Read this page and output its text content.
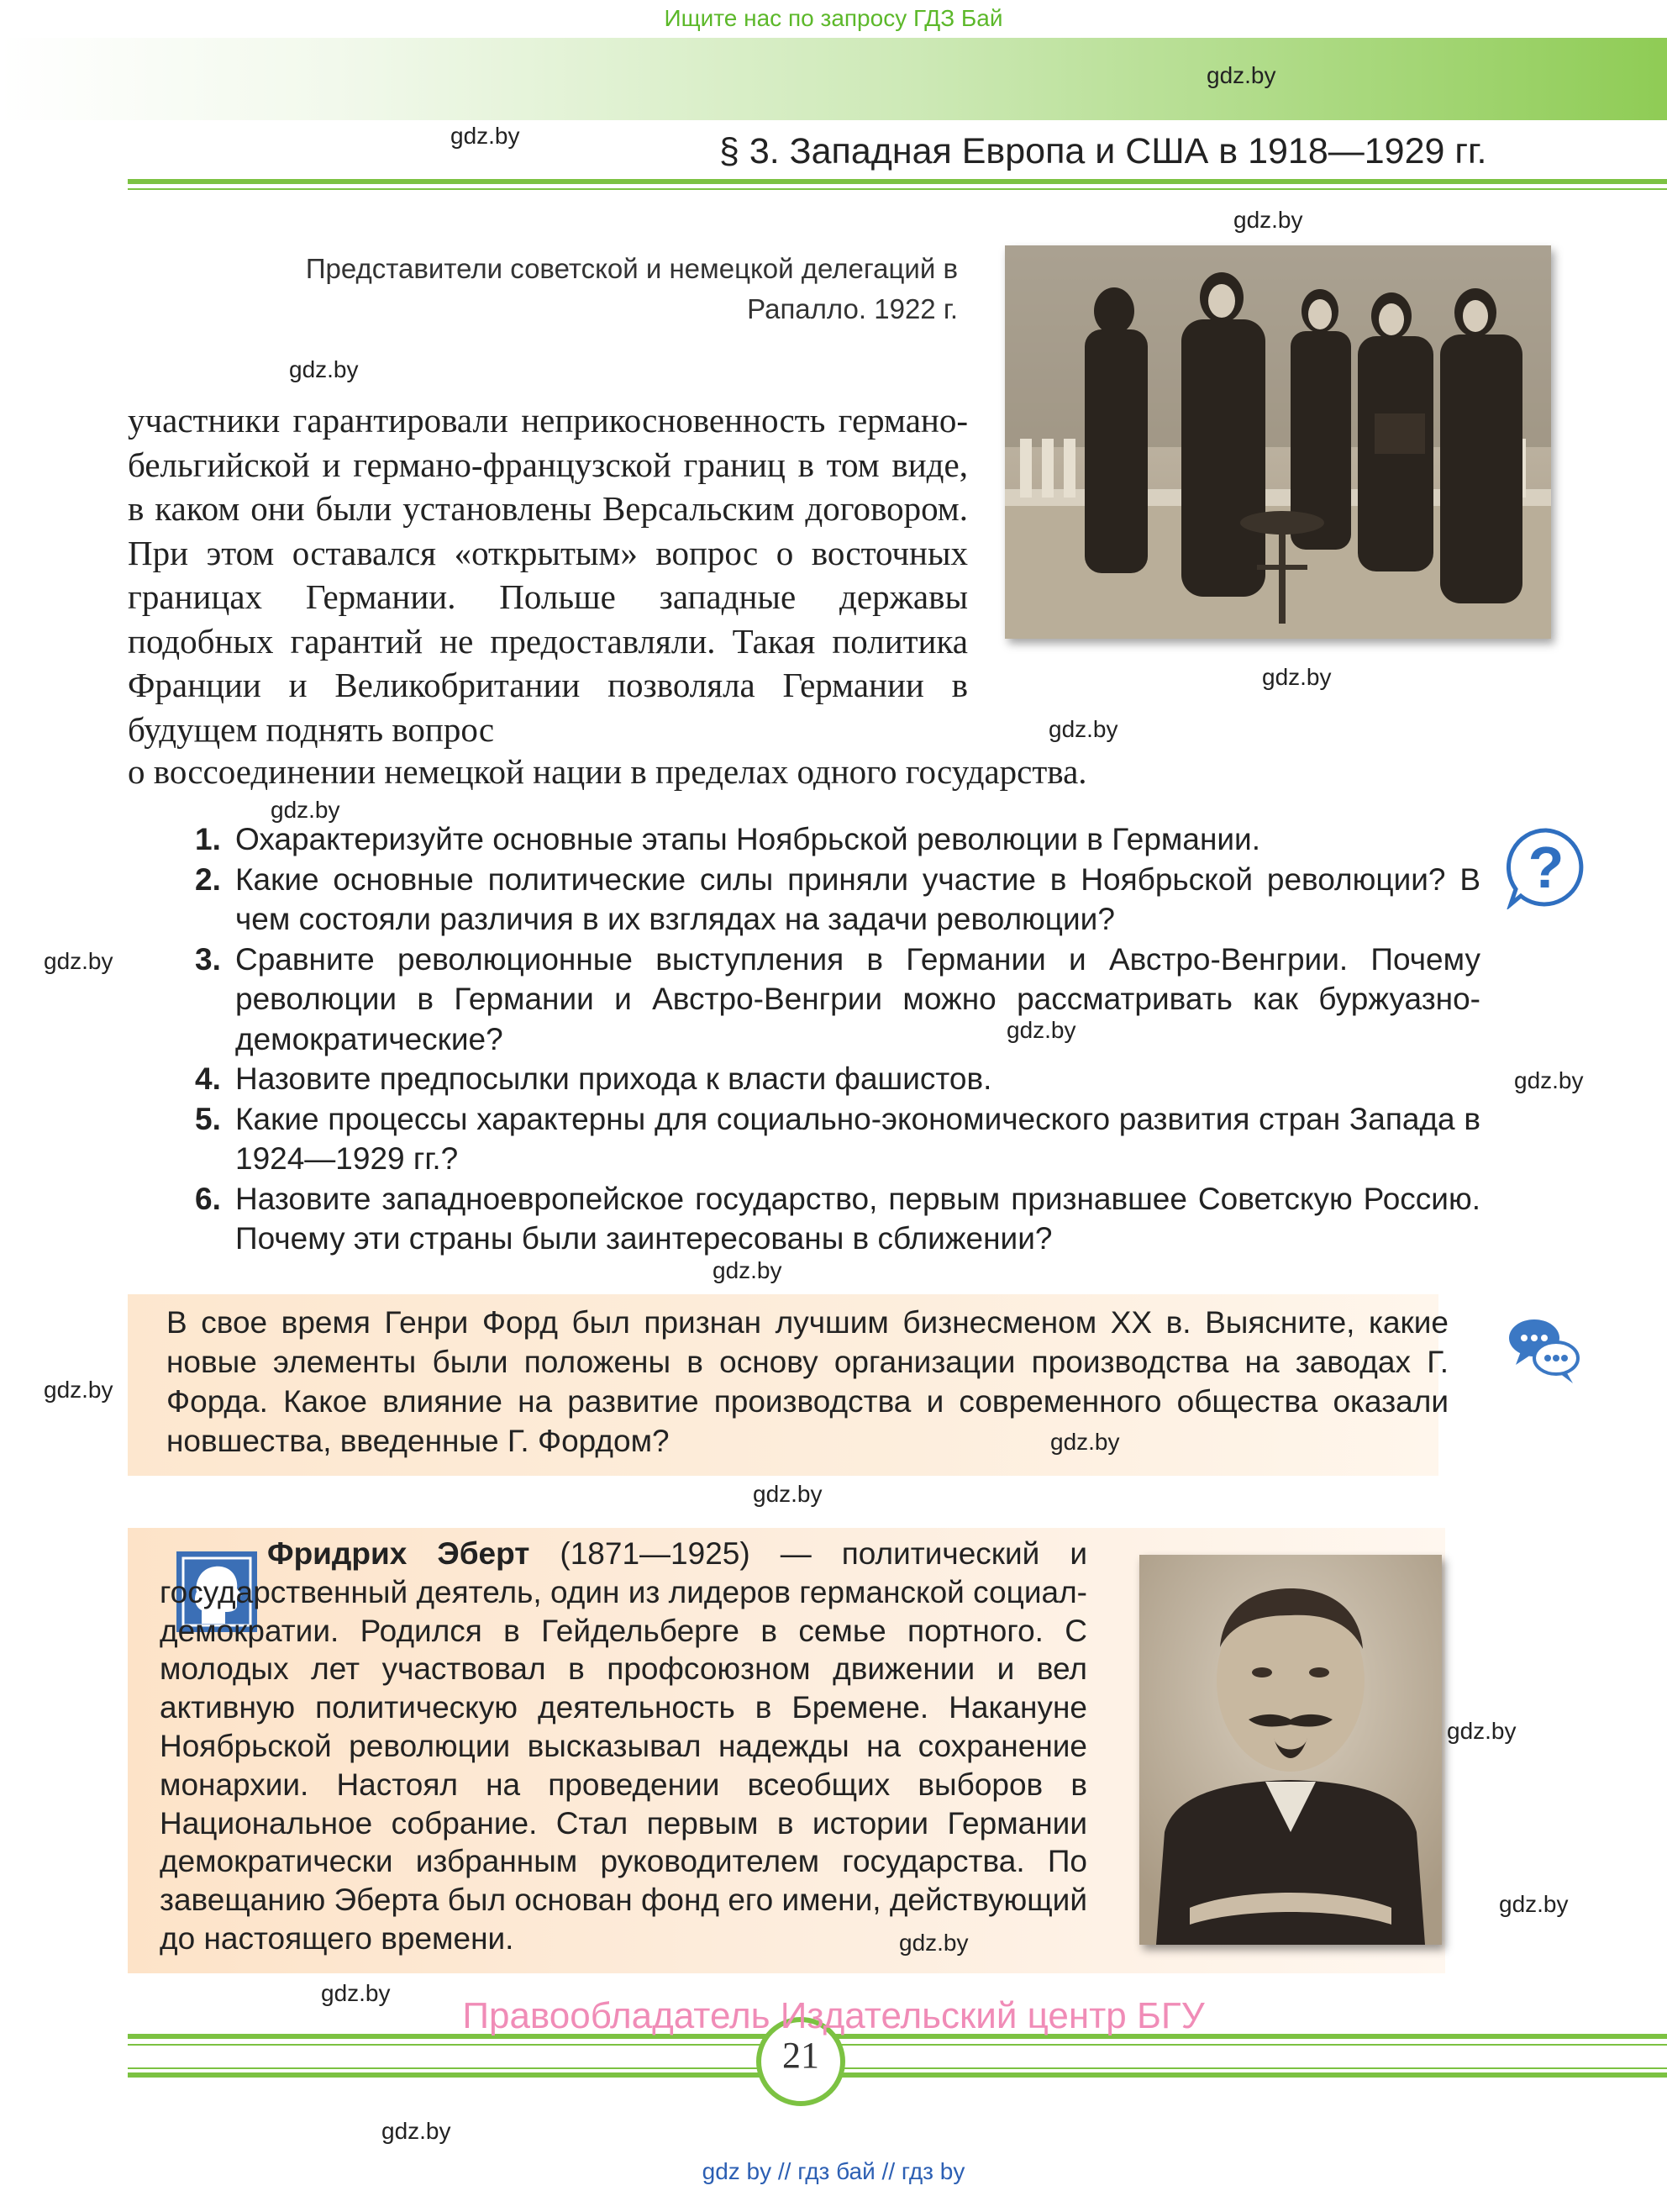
Ищите нас по запросу ГДЗ Бай
gdz.by
gdz.by	§ 3. Западная Европа и США в 1918—1929 гг.
gdz.by
Представители советской и немецкой делегаций в Рапалло. 1922 г.
gdz.by
участники гарантировали неприкосновенность германо-бельгийской и германо-французской границ в том виде, в каком они были установлены Версальским договором. При этом оставался «открытым» вопрос о восточных границах Германии. Польше западные державы подобных гарантий не предоставляли. Такая политика Франции и Великобритании позволяла Германии в будущем поднять вопрос
о воссоединении немецкой нации в пределах одного государства.
gdz.by
gdz.by
gdz.by
1. Охарактеризуйте основные этапы Ноябрьской революции в Германии.
2. Какие основные политические силы приняли участие в Ноябрьской революции? В чем состояли различия в их взглядах на задачи революции?
3. Сравните революционные выступления в Германии и Австро-Венгрии. Почему революции в Германии и Австро-Венгрии можно рассматривать как буржуазно-демократические?
4. Назовите предпосылки прихода к власти фашистов.
5. Какие процессы характерны для социально-экономического развития стран Запада в 1924—1929 гг.?
6. Назовите западноевропейское государство, первым признавшее Советскую Россию. Почему эти страны были заинтересованы в сближении?
?
gdz.by
gdz.by
gdz.by
gdz.by
В свое время Генри Форд был признан лучшим бизнесменом XX в. Выясните, какие новые элементы были положены в основу организации производства на заводах Г. Форда. Какое влияние на развитие производства и современного общества оказали новшества, введенные Г. Фордом?
gdz.by
gdz.by
gdz.by
Фридрих Эберт (1871—1925) — политический и государственный деятель, один из лидеров германской социал-демократии. Родился в Гейдельберге в семье портного. С молодых лет участвовал в профсоюзном движении и вел активную политическую деятельность в Бремене. Накануне Ноябрьской революции высказывал надежды на сохранение монархии. Настоял на проведении всеобщих выборов в Национальное собрание. Стал первым в истории Германии демократически избранным руководителем государства. По завещанию Эберта был основан фонд его имени, действующий до настоящего времени.
gdz.by
gdz.by
gdz.by
gdz.by
21
Правообладатель Издательский центр БГУ
gdz.by
gdz by // гдз бай // гдз by
